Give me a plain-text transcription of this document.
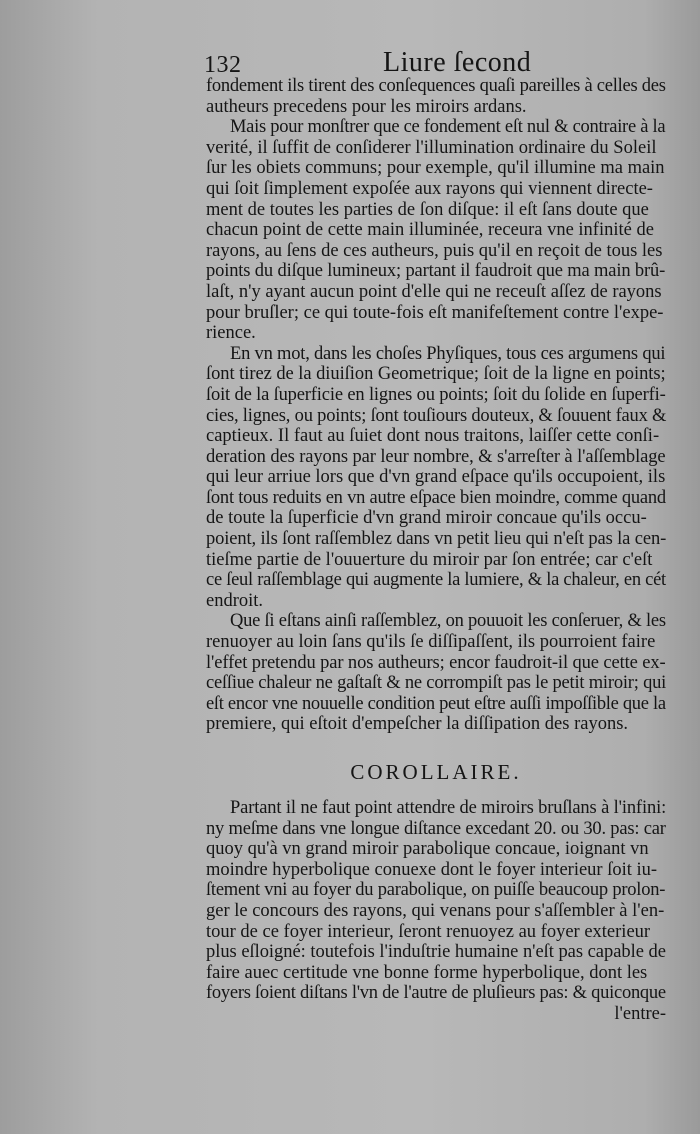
132	Liure ſecond
fondement ils tirent des conſequences quaſi pareilles à celles des
autheurs precedens pour les miroirs ardans.
Mais pour monſtrer que ce fondement eſt nul & contraire à la
verité, il ſuffit de conſiderer l'illumination ordinaire du Soleil
ſur les obiets communs; pour exemple, qu'il illumine ma main
qui ſoit ſimplement expoſée aux rayons qui viennent directe-
ment de toutes les parties de ſon diſque: il eſt ſans doute que
chacun point de cette main illuminée, receura vne infinité de
rayons, au ſens de ces autheurs, puis qu'il en reçoit de tous les
points du diſque lumineux; partant il faudroit que ma main brû-
laſt, n'y ayant aucun point d'elle qui ne receuſt aſſez de rayons
pour bruſler; ce qui toute-fois eſt manifeſtement contre l'expe-
rience.
En vn mot, dans les choſes Phyſiques, tous ces argumens qui
ſont tirez de la diuiſion Geometrique; ſoit de la ligne en points;
ſoit de la ſuperficie en lignes ou points; ſoit du ſolide en ſuperfi-
cies, lignes, ou points; ſont touſiours douteux, & ſouuent faux &
captieux. Il faut au ſuiet dont nous traitons, laiſſer cette conſi-
deration des rayons par leur nombre, & s'arreſter à l'aſſemblage
qui leur arriue lors que d'vn grand eſpace qu'ils occupoient, ils
ſont tous reduits en vn autre eſpace bien moindre, comme quand
de toute la ſuperficie d'vn grand miroir concaue qu'ils occu-
poient, ils ſont raſſemblez dans vn petit lieu qui n'eſt pas la cen-
tieſme partie de l'ouuerture du miroir par ſon entrée; car c'eſt
ce ſeul raſſemblage qui augmente la lumiere, & la chaleur, en cét
endroit.
Que ſi eſtans ainſi raſſemblez, on pouuoit les conſeruer, & les
renuoyer au loin ſans qu'ils ſe diſſipaſſent, ils pourroient faire
l'effet pretendu par nos autheurs; encor faudroit-il que cette ex-
ceſſiue chaleur ne gaſtaſt & ne corrompiſt pas le petit miroir; qui
eſt encor vne nouuelle condition peut eſtre auſſi impoſſible que la
premiere, qui eſtoit d'empeſcher la diſſipation des rayons.
COROLLAIRE.
Partant il ne faut point attendre de miroirs bruſlans à l'infini:
ny meſme dans vne longue diſtance excedant 20. ou 30. pas: car
quoy qu'à vn grand miroir parabolique concaue, ioignant vn
moindre hyperbolique conuexe dont le foyer interieur ſoit iu-
ſtement vni au foyer du parabolique, on puiſſe beaucoup prolon-
ger le concours des rayons, qui venans pour s'aſſembler à l'en-
tour de ce foyer interieur, ſeront renuoyez au foyer exterieur
plus eſloigné: toutefois l'induſtrie humaine n'eſt pas capable de
faire auec certitude vne bonne forme hyperbolique, dont les
foyers ſoient diſtans l'vn de l'autre de pluſieurs pas: & quiconque
l'entre-
